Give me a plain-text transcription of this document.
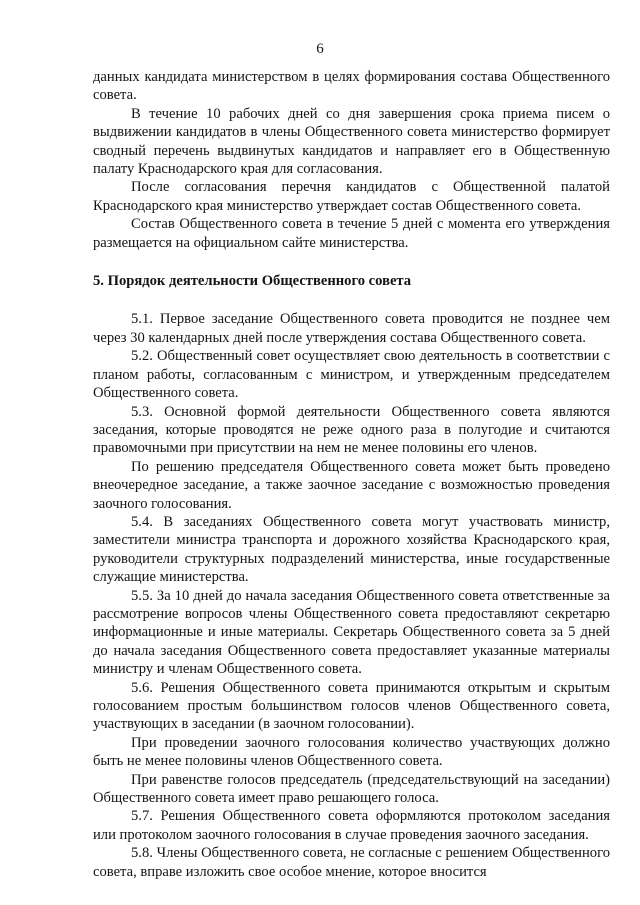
6

данных кандидата министерством в целях формирования состава Общественного совета.

В течение 10 рабочих дней со дня завершения срока приема писем о выдвижении кандидатов в члены Общественного совета министерство формирует сводный перечень выдвинутых кандидатов и направляет его в Общественную палату Краснодарского края для согласования.

После согласования перечня кандидатов с Общественной палатой Краснодарского края министерство утверждает состав Общественного совета.

Состав Общественного совета в течение 5 дней с момента его утверждения размещается на официальном сайте министерства.

5. Порядок деятельности Общественного совета

5.1. Первое заседание Общественного совета проводится не позднее чем через 30 календарных дней после утверждения состава Общественного совета.

5.2. Общественный совет осуществляет свою деятельность в соответствии с планом работы, согласованным с министром, и утвержденным председателем Общественного совета.

5.3. Основной формой деятельности Общественного совета являются заседания, которые проводятся не реже одного раза в полугодие и считаются правомочными при присутствии на нем не менее половины его членов.

По решению председателя Общественного совета может быть проведено внеочередное заседание, а также заочное заседание с возможностью проведения заочного голосования.

5.4. В заседаниях Общественного совета могут участвовать министр, заместители министра транспорта и дорожного хозяйства Краснодарского края, руководители структурных подразделений министерства, иные государственные служащие министерства.

5.5. За 10 дней до начала заседания Общественного совета ответственные за рассмотрение вопросов члены Общественного совета предоставляют секретарю информационные и иные материалы. Секретарь Общественного совета за 5 дней до начала заседания Общественного совета предоставляет указанные материалы министру и членам Общественного совета.

5.6. Решения Общественного совета принимаются открытым и скрытым голосованием простым большинством голосов членов Общественного совета, участвующих в заседании (в заочном голосовании).

При проведении заочного голосования количество участвующих должно быть не менее половины членов Общественного совета.

При равенстве голосов председатель (председательствующий на заседании) Общественного совета имеет право решающего голоса.

5.7. Решения Общественного совета оформляются протоколом заседания или протоколом заочного голосования в случае проведения заочного заседания.

5.8. Члены Общественного совета, не согласные с решением Общественного совета, вправе изложить свое особое мнение, которое вносится
